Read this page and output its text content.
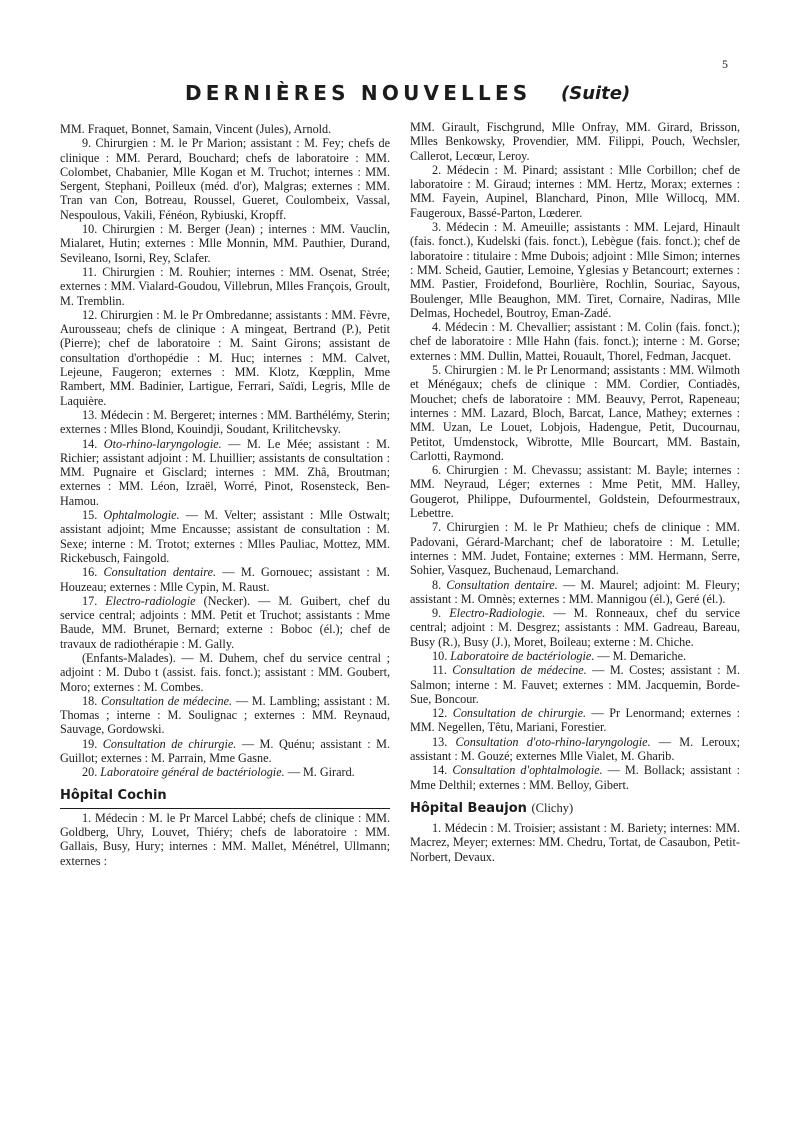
5
DERNIÈRES NOUVELLES (Suite)

MM. Fraquet, Bonnet, Samain, Vincent (Jules), Arnold.

9. Chirurgien : M. le Pr Marion; assistant : M. Fey; chefs de clinique : MM. Perard, Bouchard; chefs de laboratoire : MM. Colombet, Chabanier, Mlle Kogan et M. Truchot; internes : MM. Sergent, Stephani, Poilleux (méd. d'or), Malgras; externes : MM. Tran van Con, Botreau, Roussel, Gueret, Coulombeix, Vassal, Nespoulous, Vakili, Fénéon, Rybiuski, Kropff.

10. Chirurgien : M. Berger (Jean) ; internes : MM. Vauclin, Mialaret, Hutin; externes : Mlle Monnin, MM. Pauthier, Durand, Sevileano, Isorni, Rey, Sclafer.

11. Chirurgien : M. Rouhier; internes : MM. Osenat, Strée; externes : MM. Vialard-Goudou, Villebrun, Mlles François, Groult, M. Tremblin.

12. Chirurgien : M. le Pr Ombredanne; assistants : MM. Fèvre, Aurousseau; chefs de clinique : A mingeat, Bertrand (P.), Petit (Pierre); chef de laboratoire : M. Saint Girons; assistant de consultation d'orthopédie : M. Huc; internes : MM. Calvet, Lejeune, Faugeron; externes : MM. Klotz, Kœpplin, Mme Rambert, MM. Badinier, Lartigue, Ferrari, Saïdi, Legris, Mlle de Laquière.

13. Médecin : M. Bergeret; internes : MM. Barthélémy, Sterin; externes : Mlles Blond, Kouindji, Soudant, Krilitchevsky.

14. Oto-rhino-laryngologie. — M. Le Mée; assistant : M. Richier; assistant adjoint : M. Lhuillier; assistants de consultation : MM. Pugnaire et Gisclard; internes : MM. Zhâ, Broutman; externes : MM. Léon, Izraël, Worré, Pinot, Rosensteck, Ben-Hamou.

15. Ophtalmologie. — M. Velter; assistant : Mlle Ostwalt; assistant adjoint; Mme Encausse; assistant de consultation : M. Sexe; interne : M. Trotot; externes : Mlles Pauliac, Mottez, MM. Rickebusch, Faingold.

16. Consultation dentaire. — M. Gornouec; assistant : M. Houzeau; externes : Mlle Cypin, M. Raust.

17. Electro-radiologie (Necker). — M. Guibert, chef du service central; adjoints : MM. Petit et Truchot; assistants : Mme Baude, MM. Brunet, Bernard; externe : Boboc (él.); chef de travaux de radiothérapie : M. Gally.

(Enfants-Malades). — M. Duhem, chef du service central ; adjoint : M. Dubo t (assist. fais. fonct.); assistant : MM. Goubert, Moro; externes : M. Combes.

18. Consultation de médecine. — M. Lambling; assistant : M. Thomas ; interne : M. Soulignac ; externes : MM. Reynaud, Sauvage, Gordowski.

19. Consultation de chirurgie. — M. Quénu; assistant : M. Guillot; externes : M. Parrain, Mme Gasne.

20. Laboratoire général de bactériologie. — M. Girard.

Hôpital Cochin

1. Médecin : M. le Pr Marcel Labbé; chefs de clinique : MM. Goldberg, Uhry, Louvet, Thiéry; chefs de laboratoire : MM. Gallais, Busy, Hury; internes : MM. Mallet, Ménétrel, Ullmann; externes :

MM. Girault, Fischgrund, Mlle Onfray, MM. Girard, Brisson, Mlles Benkowsky, Provendier, MM. Filippi, Pouch, Wechsler, Callerot, Lecœur, Leroy.

2. Médecin : M. Pinard; assistant : Mlle Corbillon; chef de laboratoire : M. Giraud; internes : MM. Hertz, Morax; externes : MM. Fayein, Aupinel, Blanchard, Pinon, Mlle Willocq, MM. Faugeroux, Bassé-Parton, Lœderer.

3. Médecin : M. Ameuille; assistants : MM. Lejard, Hinault (fais. fonct.), Kudelski (fais. fonct.), Lebègue (fais. fonct.); chef de laboratoire : titulaire : Mme Dubois; adjoint : Mlle Simon; internes : MM. Scheid, Gautier, Lemoine, Yglesias y Betancourt; externes : MM. Pastier, Froidefond, Bourlière, Rochlin, Souriac, Sayous, Boulenger, Mlle Beaughon, MM. Tiret, Cornaire, Nadiras, Mlle Delmas, Hochedel, Boutroy, Eman-Zadé.

4. Médecin : M. Chevallier; assistant : M. Colin (fais. fonct.); chef de laboratoire : Mlle Hahn (fais. fonct.); interne : M. Gorse; externes : MM. Dullin, Mattei, Rouault, Thorel, Fedman, Jacquet.

5. Chirurgien : M. le Pr Lenormand; assistants : MM. Wilmoth et Ménégaux; chefs de clinique : MM. Cordier, Contiadès, Mouchet; chefs de laboratoire : MM. Beauvy, Perrot, Rapeneau; internes : MM. Lazard, Bloch, Barcat, Lance, Mathey; externes : MM. Uzan, Le Louet, Lobjois, Hadengue, Petit, Ducournau, Petitot, Umdenstock, Wibrotte, Mlle Bourcart, MM. Bastain, Carlotti, Raymond.

6. Chirurgien : M. Chevassu; assistant: M. Bayle; internes : MM. Neyraud, Léger; externes : Mme Petit, MM. Halley, Gougerot, Philippe, Dufourmentel, Goldstein, Defourmestraux, Lebettre.

7. Chirurgien : M. le Pr Mathieu; chefs de clinique : MM. Padovani, Gérard-Marchant; chef de laboratoire : M. Letulle; internes : MM. Judet, Fontaine; externes : MM. Hermann, Serre, Sohier, Vasquez, Buchenaud, Lemarchand.

8. Consultation dentaire. — M. Maurel; adjoint: M. Fleury; assistant : M. Omnès; externes : MM. Mannigou (él.), Geré (él.).

9. Electro-Radiologie. — M. Ronneaux, chef du service central; adjoint : M. Desgrez; assistants : MM. Gadreau, Bareau, Busy (R.), Busy (J.), Moret, Boileau; externe : M. Chiche.

10. Laboratoire de bactériologie. — M. Demariche.

11. Consultation de médecine. — M. Costes; assistant : M. Salmon; interne : M. Fauvet; externes : MM. Jacquemin, Borde-Sue, Boncour.

12. Consultation de chirurgie. — Pr Lenormand; externes : MM. Negellen, Têtu, Mariani, Forestier.

13. Consultation d'oto-rhino-laryngologie. — M. Leroux; assistant : M. Gouzé; externes Mlle Vialet, M. Gharib.

14. Consultation d'ophtalmologie. — M. Bollack; assistant : Mme Delthil; externes : MM. Belloy, Gibert.

Hôpital Beaujon (Clichy)

1. Médecin : M. Troisier; assistant : M. Bariety; internes: MM. Macrez, Meyer; externes: MM. Chedru, Tortat, de Casaubon, Petit-Norbert, Devaux.
